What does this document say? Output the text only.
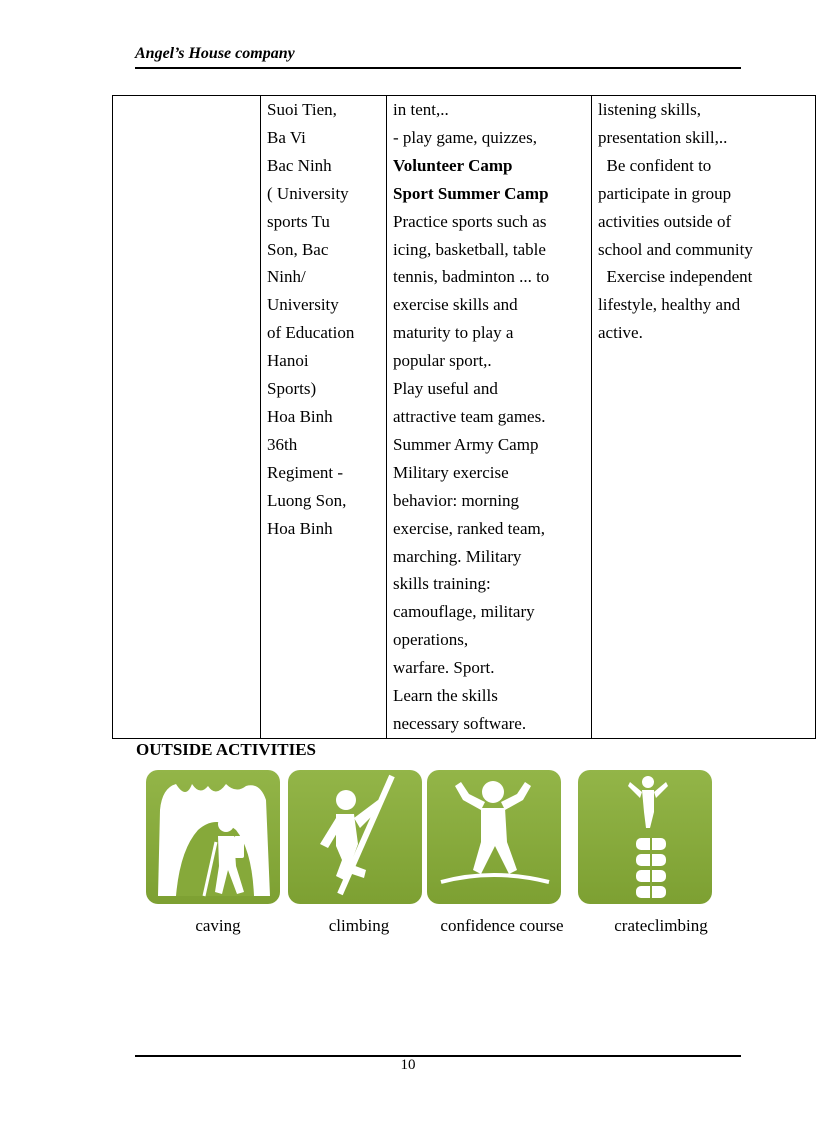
Angel’s House company

Suoi Tien,
Ba Vi
Bac Ninh
( University
sports Tu
Son, Bac
Ninh/
University
of Education
Hanoi
Sports)
Hoa Binh
36th
Regiment -
Luong Son,
Hoa Binh

in tent,..
- play game, quizzes,
Volunteer Camp
Sport Summer Camp
Practice sports such as
icing, basketball, table
tennis, badminton ... to
exercise skills and
maturity to play a
popular sport,.
Play useful and
attractive team games.
Summer Army Camp
Military exercise
behavior: morning
exercise, ranked team,
marching. Military
skills training:
camouflage, military
operations,
warfare. Sport.
Learn the skills
necessary software.

listening skills,
presentation skill,..
Be confident to
participate in group
activities outside of
school and community
Exercise independent
lifestyle, healthy and
active.
OUTSIDE ACTIVITIES
caving	climbing	confidence course	crateclimbing
10
